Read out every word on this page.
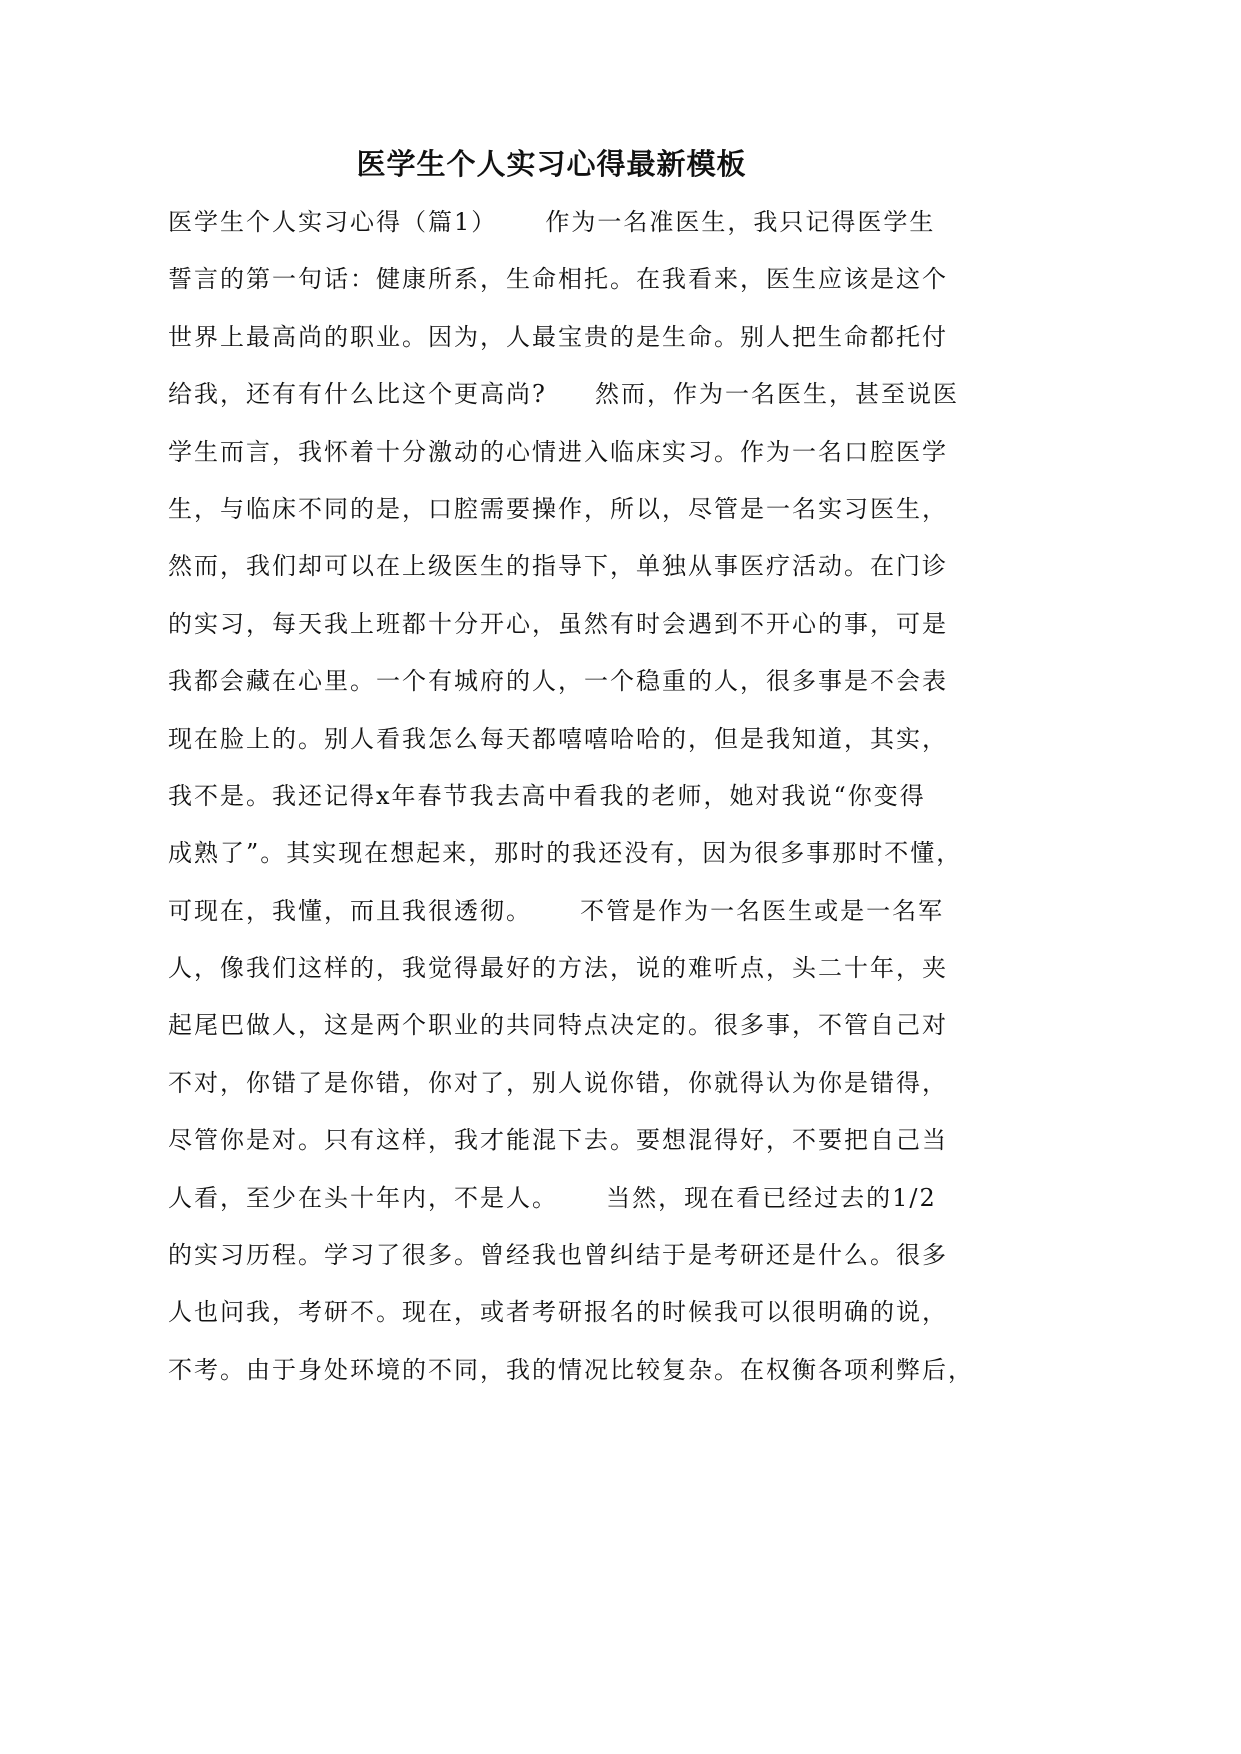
医学生个人实习心得最新模板
医学生个人实习心得（篇1）     作为一名准医生，我只记得医学生
誓言的第一句话：健康所系，生命相托。在我看来，医生应该是这个
世界上最高尚的职业。因为，人最宝贵的是生命。别人把生命都托付
给我，还有有什么比这个更高尚?     然而，作为一名医生，甚至说医
学生而言，我怀着十分激动的心情进入临床实习。作为一名口腔医学
生，与临床不同的是，口腔需要操作，所以，尽管是一名实习医生，
然而，我们却可以在上级医生的指导下，单独从事医疗活动。在门诊
的实习，每天我上班都十分开心，虽然有时会遇到不开心的事，可是
我都会藏在心里。一个有城府的人，一个稳重的人，很多事是不会表
现在脸上的。别人看我怎么每天都嘻嘻哈哈的，但是我知道，其实，
我不是。我还记得x年春节我去高中看我的老师，她对我说“你变得
成熟了”。其实现在想起来，那时的我还没有，因为很多事那时不懂，
可现在，我懂，而且我很透彻。     不管是作为一名医生或是一名军
人，像我们这样的，我觉得最好的方法，说的难听点，头二十年，夹
起尾巴做人，这是两个职业的共同特点决定的。很多事，不管自己对
不对，你错了是你错，你对了，别人说你错，你就得认为你是错得，
尽管你是对。只有这样，我才能混下去。要想混得好，不要把自己当
人看，至少在头十年内，不是人。     当然，现在看已经过去的1/2
的实习历程。学习了很多。曾经我也曾纠结于是考研还是什么。很多
人也问我，考研不。现在，或者考研报名的时候我可以很明确的说，
不考。由于身处环境的不同，我的情况比较复杂。在权衡各项利弊后，
